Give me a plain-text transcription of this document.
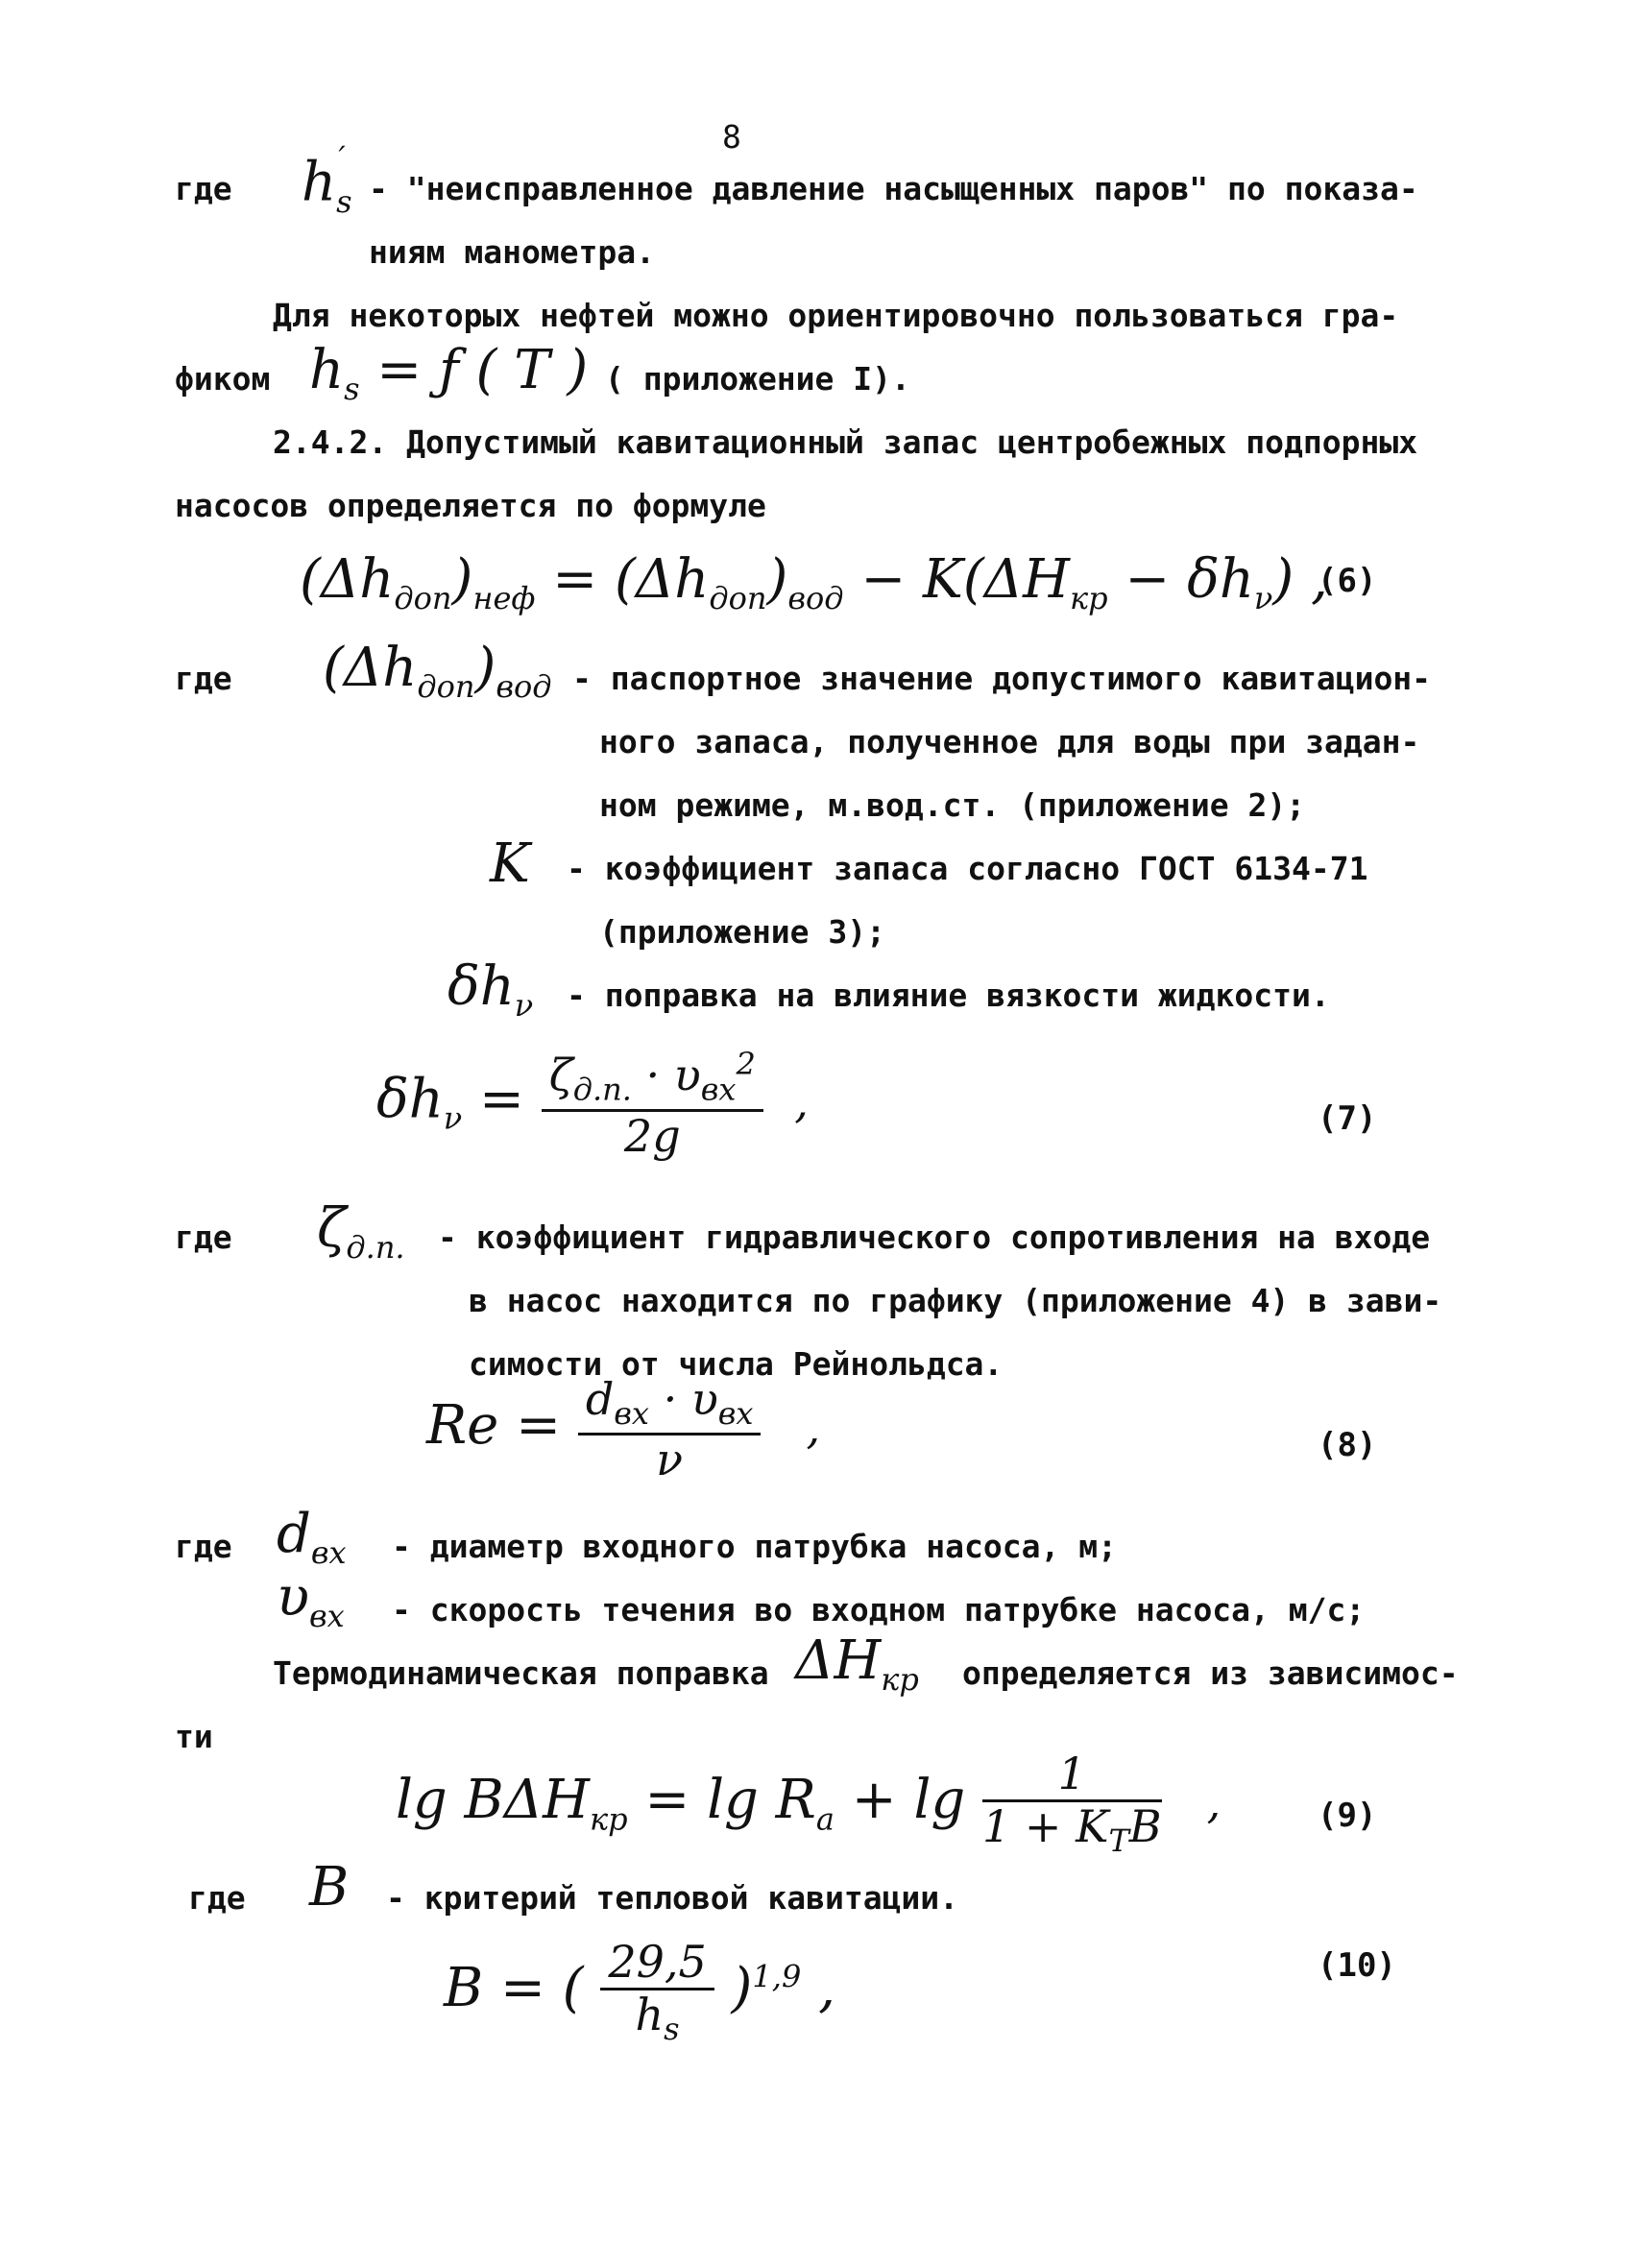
8
где $h_s'$
- "неисправленное давление насыщенных паров" по показа-
ниям манометра.
Для некоторых нефтей можно ориентировочно пользоваться гра-
фиком $h_s$ = ƒ ( T ) ( приложение I).
2.4.2. Допустимый кавитационный запас центробежных подпорных
насосов определяется по формуле
$(\Delta h_{доп})_{неф} = (\Delta h_{доп})_{вод} - K(\Delta H_{кр} - \delta h_\nu)$ ,
(6)
где $(\Delta h_{доп})_{вод}$ - паспортное значение допустимого кавитацион-
ного запаса, полученное для воды при задан-
ном режиме, м.вод.ст. (приложение 2);
K - коэффициент запаса согласно ГОСТ 6134-71
(приложение 3);
$\delta h_\nu$ - поправка на влияние вязкости жидкости.
$\delta h_\nu = \frac{\zeta_{д.п.} \cdot \upsilon_{вх}^2}{2g}$ ,	(7)
где $\zeta_{д.п.}$ - коэффициент гидравлического сопротивления на входе
в насос находится по графику (приложение 4) в зави-
симости от числа Рейнольдса.
$Re = \frac{d_{вх} \cdot \upsilon_{вх}}{\nu}$ ,	(8)
где $d_{вх}$ - диаметр входного патрубка насоса, м;
$\upsilon_{вх}$ - скорость течения во входном патрубке насоса, м/с;
Термодинамическая поправка $\Delta H_{кр}$ определяется из зависимос-
ти
$\lg B\Delta H_{кр} = \lg R_a + \lg \frac{1}{1 + K_TB}$ ,	(9)
где B - критерий тепловой кавитации.
B = ( $\frac{29,5}{h_s} )^{1,9}$ ,	(10)
